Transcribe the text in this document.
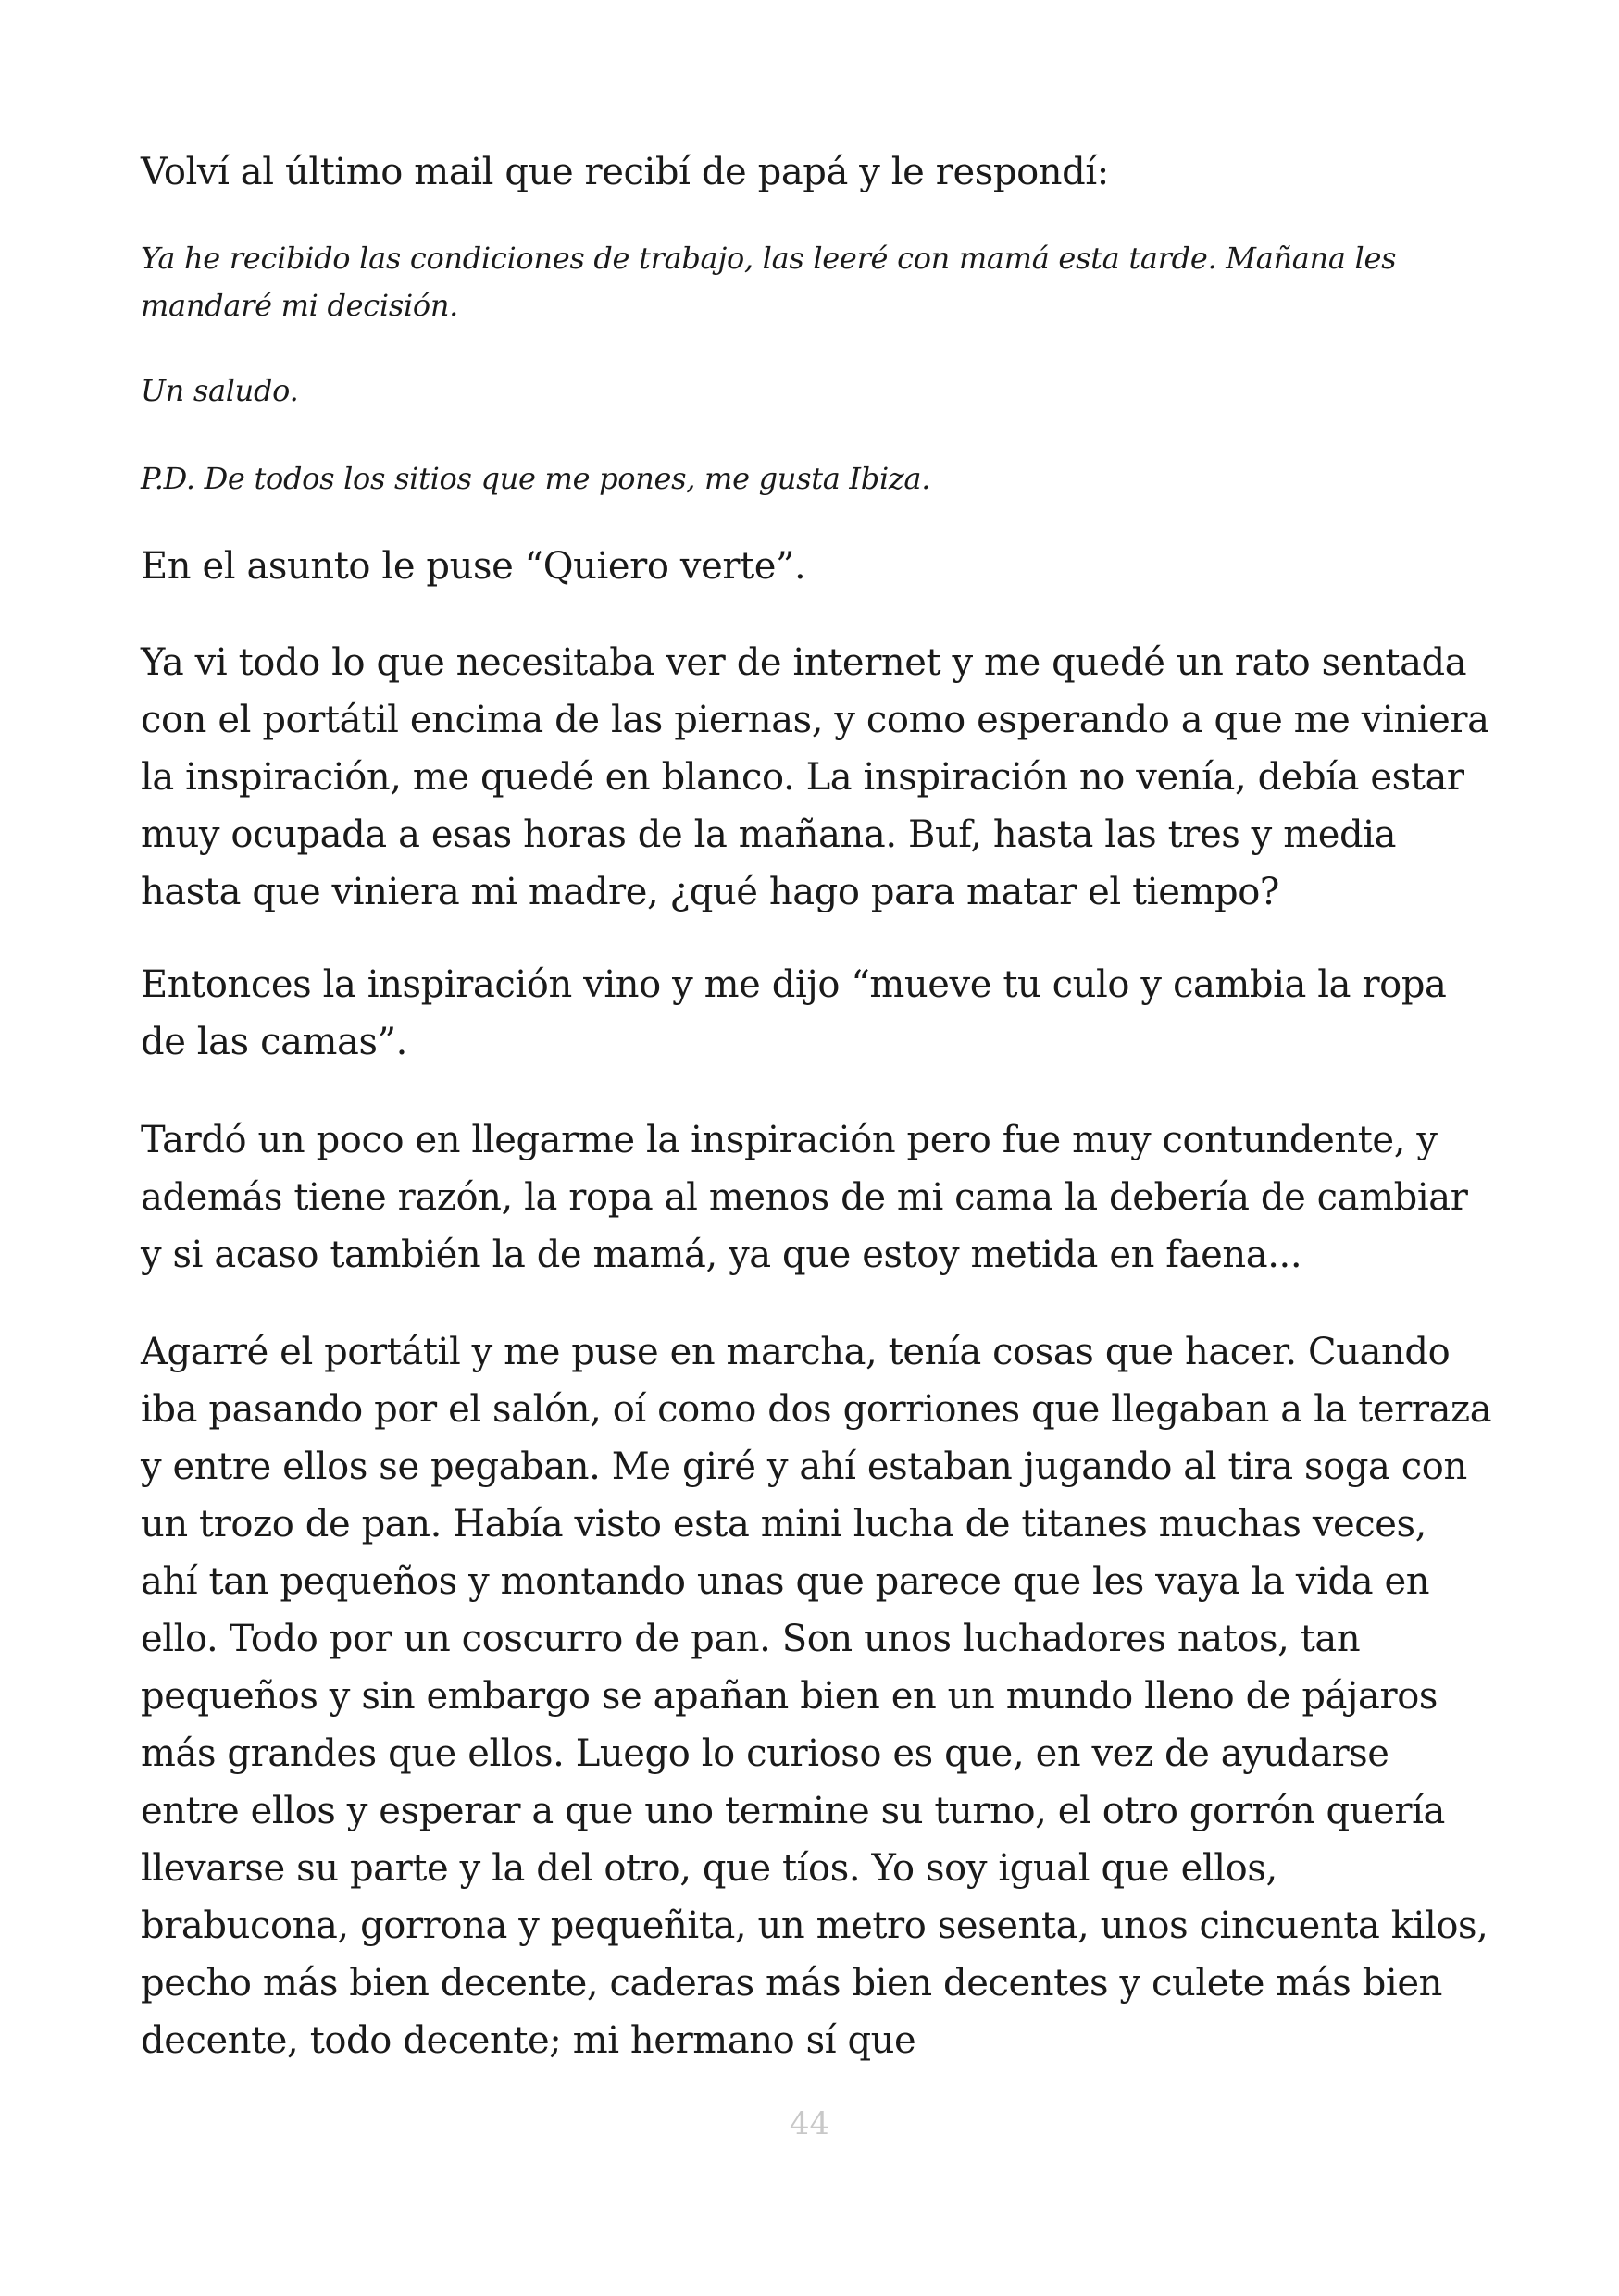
Volví al último mail que recibí de papá y le respondí:

Ya he recibido las condiciones de trabajo, las leeré con mamá esta tarde. Mañana les mandaré mi decisión.

Un saludo.

P.D. De todos los sitios que me pones, me gusta Ibiza.

En el asunto le puse “Quiero verte”.

Ya vi todo lo que necesitaba ver de internet y me quedé un rato sentada con el portátil encima de las piernas, y como esperando a que me viniera la inspiración, me quedé en blanco. La inspiración no venía, debía estar muy ocupada a esas horas de la mañana. Buf, hasta las tres y media hasta que viniera mi madre, ¿qué hago para matar el tiempo?

Entonces la inspiración vino y me dijo “mueve tu culo y cambia la ropa de las camas”.

Tardó un poco en llegarme la inspiración pero fue muy contundente, y además tiene razón, la ropa al menos de mi cama la debería de cambiar y si acaso también la de mamá, ya que estoy metida en faena...

Agarré el portátil y me puse en marcha, tenía cosas que hacer. Cuando iba pasando por el salón, oí como dos gorriones que llegaban a la terraza y entre ellos se pegaban. Me giré y ahí estaban jugando al tira soga con un trozo de pan. Había visto esta mini lucha de titanes muchas veces, ahí tan pequeños y montando unas que parece que les vaya la vida en ello. Todo por un coscurro de pan. Son unos luchadores natos, tan pequeños y sin embargo se apañan bien en un mundo lleno de pájaros más grandes que ellos. Luego lo curioso es que, en vez de ayudarse entre ellos y esperar a que uno termine su turno, el otro gorrón quería llevarse su parte y la del otro, que tíos. Yo soy igual que ellos, brabucona, gorrona y pequeñita, un metro sesenta, unos cincuenta kilos, pecho más bien decente, caderas más bien decentes y culete más bien decente, todo decente; mi hermano sí que

44
